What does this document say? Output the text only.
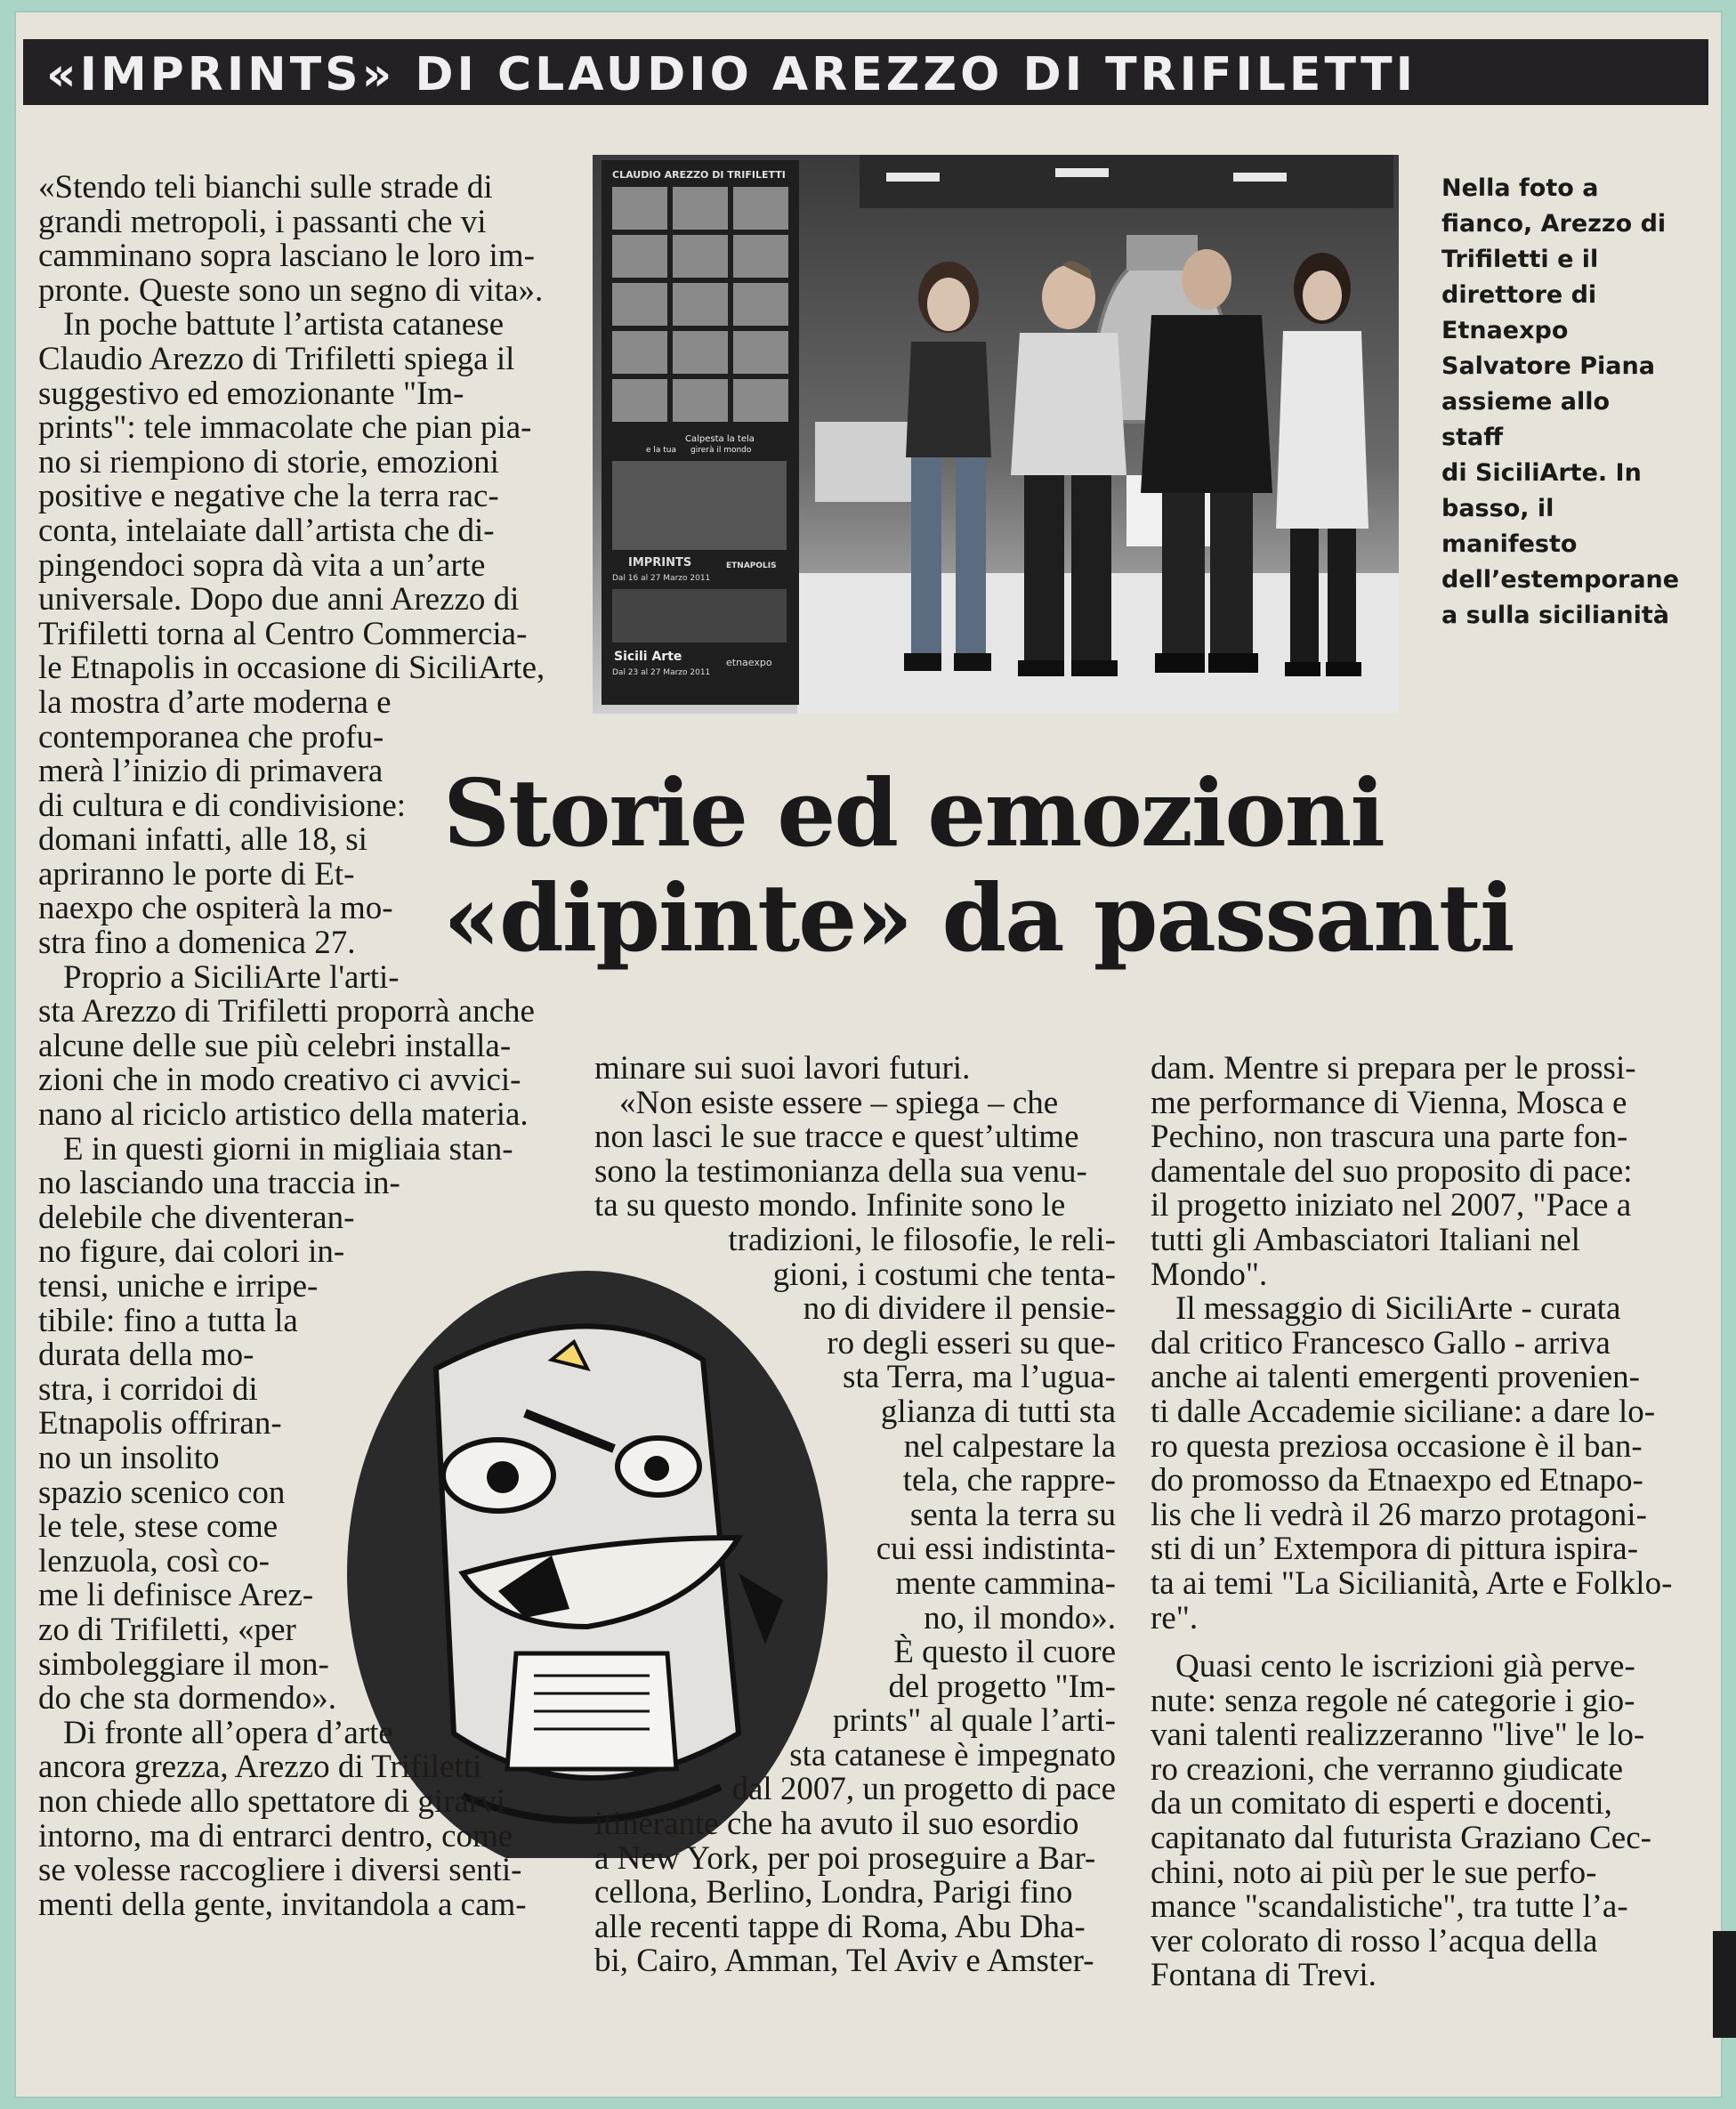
«IMPRINTS» DI CLAUDIO AREZZO DI TRIFILETTI
CLAUDIO AREZZO DI TRIFILETTI
Calpesta la tela
e la tua girerà il mondo
IMPRINTS
Dal 16 al 27 Marzo 2011
ETNAPOLIS
Sicili Arte
Dal 23 al 27 Marzo 2011
etnaexpo
Nella foto a
fianco, Arezzo di
Trifiletti e il
direttore di
Etnaexpo
Salvatore Piana
assieme allo staff
di SiciliArte. In
basso, il
manifesto
dell’estemporane
a sulla sicilianità
Storie ed emozioni
«dipinte» da passanti

«Stendo teli bianchi sulle strade di

grandi metropoli, i passanti che vi

camminano sopra lasciano le loro im-

pronte. Queste sono un segno di vita».

In poche battute l’artista catanese

Claudio Arezzo di Trifiletti spiega il

suggestivo ed emozionante "Im-

prints": tele immacolate che pian pia-

no si riempiono di storie, emozioni

positive e negative che la terra rac-

conta, intelaiate dall’artista che di-

pingendoci sopra dà vita a un’arte

universale. Dopo due anni Arezzo di

Trifiletti torna al Centro Commercia-

le Etnapolis in occasione di SiciliArte,

la mostra d’arte moderna e

contemporanea che profu-

merà l’inizio di primavera

di cultura e di condivisione:

domani infatti, alle 18, si

apriranno le porte di Et-

naexpo che ospiterà la mo-

stra fino a domenica 27.

Proprio a SiciliArte l'arti-

sta Arezzo di Trifiletti proporrà anche

alcune delle sue più celebri installa-

zioni che in modo creativo ci avvici-

nano al riciclo artistico della materia.

E in questi giorni in migliaia stan-

no lasciando una traccia in-

delebile che diventeran-

no figure, dai colori in-

tensi, uniche e irripe-

tibile: fino a tutta la

durata della mo-

stra, i corridoi di

Etnapolis offriran-

no un insolito

spazio scenico con

le tele, stese come

lenzuola, così co-

me li definisce Arez-

zo di Trifiletti, «per

simboleggiare il mon-

do che sta dormendo».

Di fronte all’opera d’arte

ancora grezza, Arezzo di Trifiletti

non chiede allo spettatore di girarvi

intorno, ma di entrarci dentro, come

se volesse raccogliere i diversi senti-

menti della gente, invitandola a cam-

minare sui suoi lavori futuri.

«Non esiste essere – spiega – che

non lasci le sue tracce e quest’ultime

sono la testimonianza della sua venu-

ta su questo mondo. Infinite sono le

tradizioni, le filosofie, le reli-

gioni, i costumi che tenta-

no di dividere il pensie-

ro degli esseri su que-

sta Terra, ma l’ugua-

glianza di tutti sta

nel calpestare la

tela, che rappre-

senta la terra su

cui essi indistinta-

mente cammina-

no, il mondo».

È questo il cuore

del progetto "Im-

prints" al quale l’arti-

sta catanese è impegnato

dal 2007, un progetto di pace

itinerante che ha avuto il suo esordio

a New York, per poi proseguire a Bar-

cellona, Berlino, Londra, Parigi fino

alle recenti tappe di Roma, Abu Dha-

bi, Cairo, Amman, Tel Aviv e Amster-

dam. Mentre si prepara per le prossi-

me performance di Vienna, Mosca e

Pechino, non trascura una parte fon-

damentale del suo proposito di pace:

il progetto iniziato nel 2007, "Pace a

tutti gli Ambasciatori Italiani nel

Mondo".

Il messaggio di SiciliArte - curata

dal critico Francesco Gallo - arriva

anche ai talenti emergenti provenien-

ti dalle Accademie siciliane: a dare lo-

ro questa preziosa occasione è il ban-

do promosso da Etnaexpo ed Etnapo-

lis che li vedrà il 26 marzo protagoni-

sti di un’ Extempora di pittura ispira-

ta ai temi "La Sicilianità, Arte e Folklo-

re".

Quasi cento le iscrizioni già perve-

nute: senza regole né categorie i gio-

vani talenti realizzeranno "live" le lo-

ro creazioni, che verranno giudicate

da un comitato di esperti e docenti,

capitanato dal futurista Graziano Cec-

chini, noto ai più per le sue perfo-

mance "scandalistiche", tra tutte l’a-

ver colorato di rosso l’acqua della

Fontana di Trevi.
